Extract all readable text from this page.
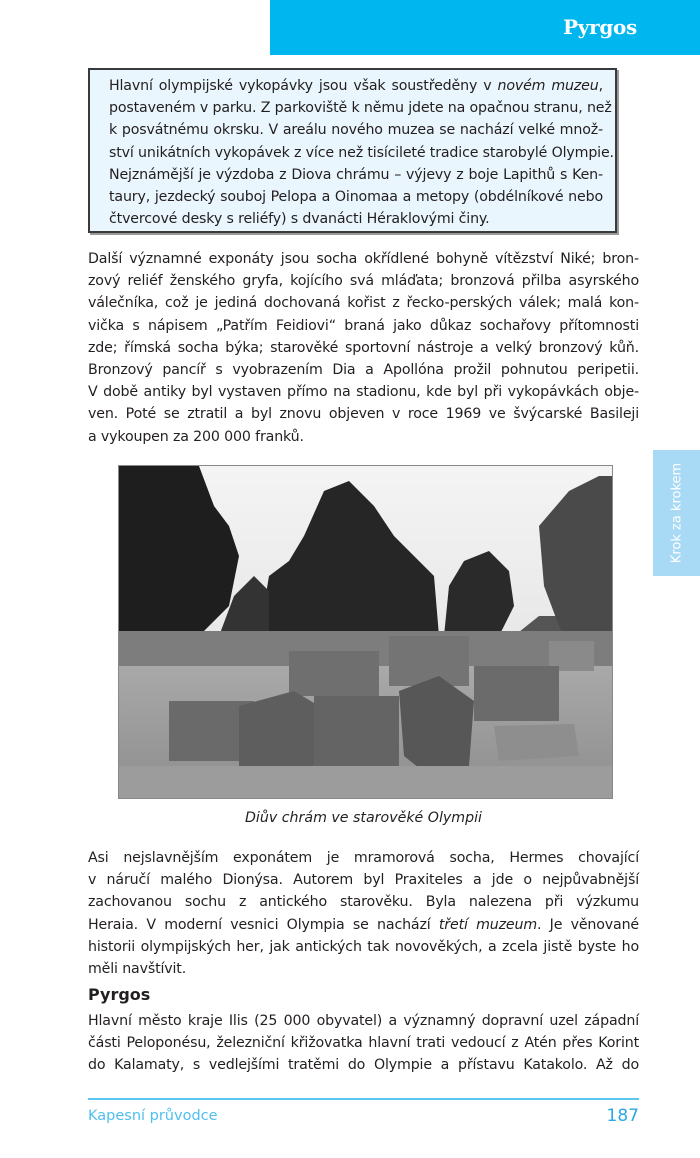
Pyrgos

Hlavní olympijské vykopávky jsou však soustředěny v novém muzeu,
postaveném v parku. Z parkoviště k němu jdete na opačnou stranu, než
k posvátnému okrsku. V areálu nového muzea se nachází velké množ-
ství unikátních vykopávek z více než tisícileté tradice starobylé Olympie.
Nejznámější je výzdoba z Diova chrámu – výjevy z boje Lapithů s Ken-
taury, jezdecký souboj Pelopa a Oinomaa a metopy (obdélníkové nebo
čtvercové desky s reliéfy) s dvanácti Héraklovými činy.

Další významné exponáty jsou socha okřídlené bohyně vítězství Niké; bron-
zový reliéf ženského gryfa, kojícího svá mláďata; bronzová přilba asyrského
válečníka, což je jediná dochovaná kořist z řecko-perských válek; malá kon-
vička s nápisem „Patřím Feidiovi“ braná jako důkaz sochařovy přítomnosti
zde; římská socha býka; starověké sportovní nástroje a velký bronzový kůň.
Bronzový pancíř s vyobrazením Dia a Apollóna prožil pohnutou peripetii.
V době antiky byl vystaven přímo na stadionu, kde byl při vykopávkách obje-
ven. Poté se ztratil a byl znovu objeven v roce 1969 ve švýcarské Basileji
a vykoupen za 200 000 franků.
Diův chrám ve starověké Olympii
Asi nejslavnějším exponátem je mramorová socha, Hermes chovající
v náručí malého Dionýsa. Autorem byl Praxiteles a jde o nejpůvabnější
zachovanou sochu z antického starověku. Byla nalezena při výzkumu
Heraia. V moderní vesnici Olympia se nachází třetí muzeum. Je věnované
historii olympijských her, jak antických tak novověkých, a zcela jistě byste ho
měli navštívit.
Pyrgos
Hlavní město kraje Ilis (25 000 obyvatel) a významný dopravní uzel západní
části Peloponésu, železniční křižovatka hlavní trati vedoucí z Atén přes Korint
do Kalamaty, s vedlejšími tratěmi do Olympie a přístavu Katakolo. Až do
Krok za krokem
Kapesní průvodce	187
